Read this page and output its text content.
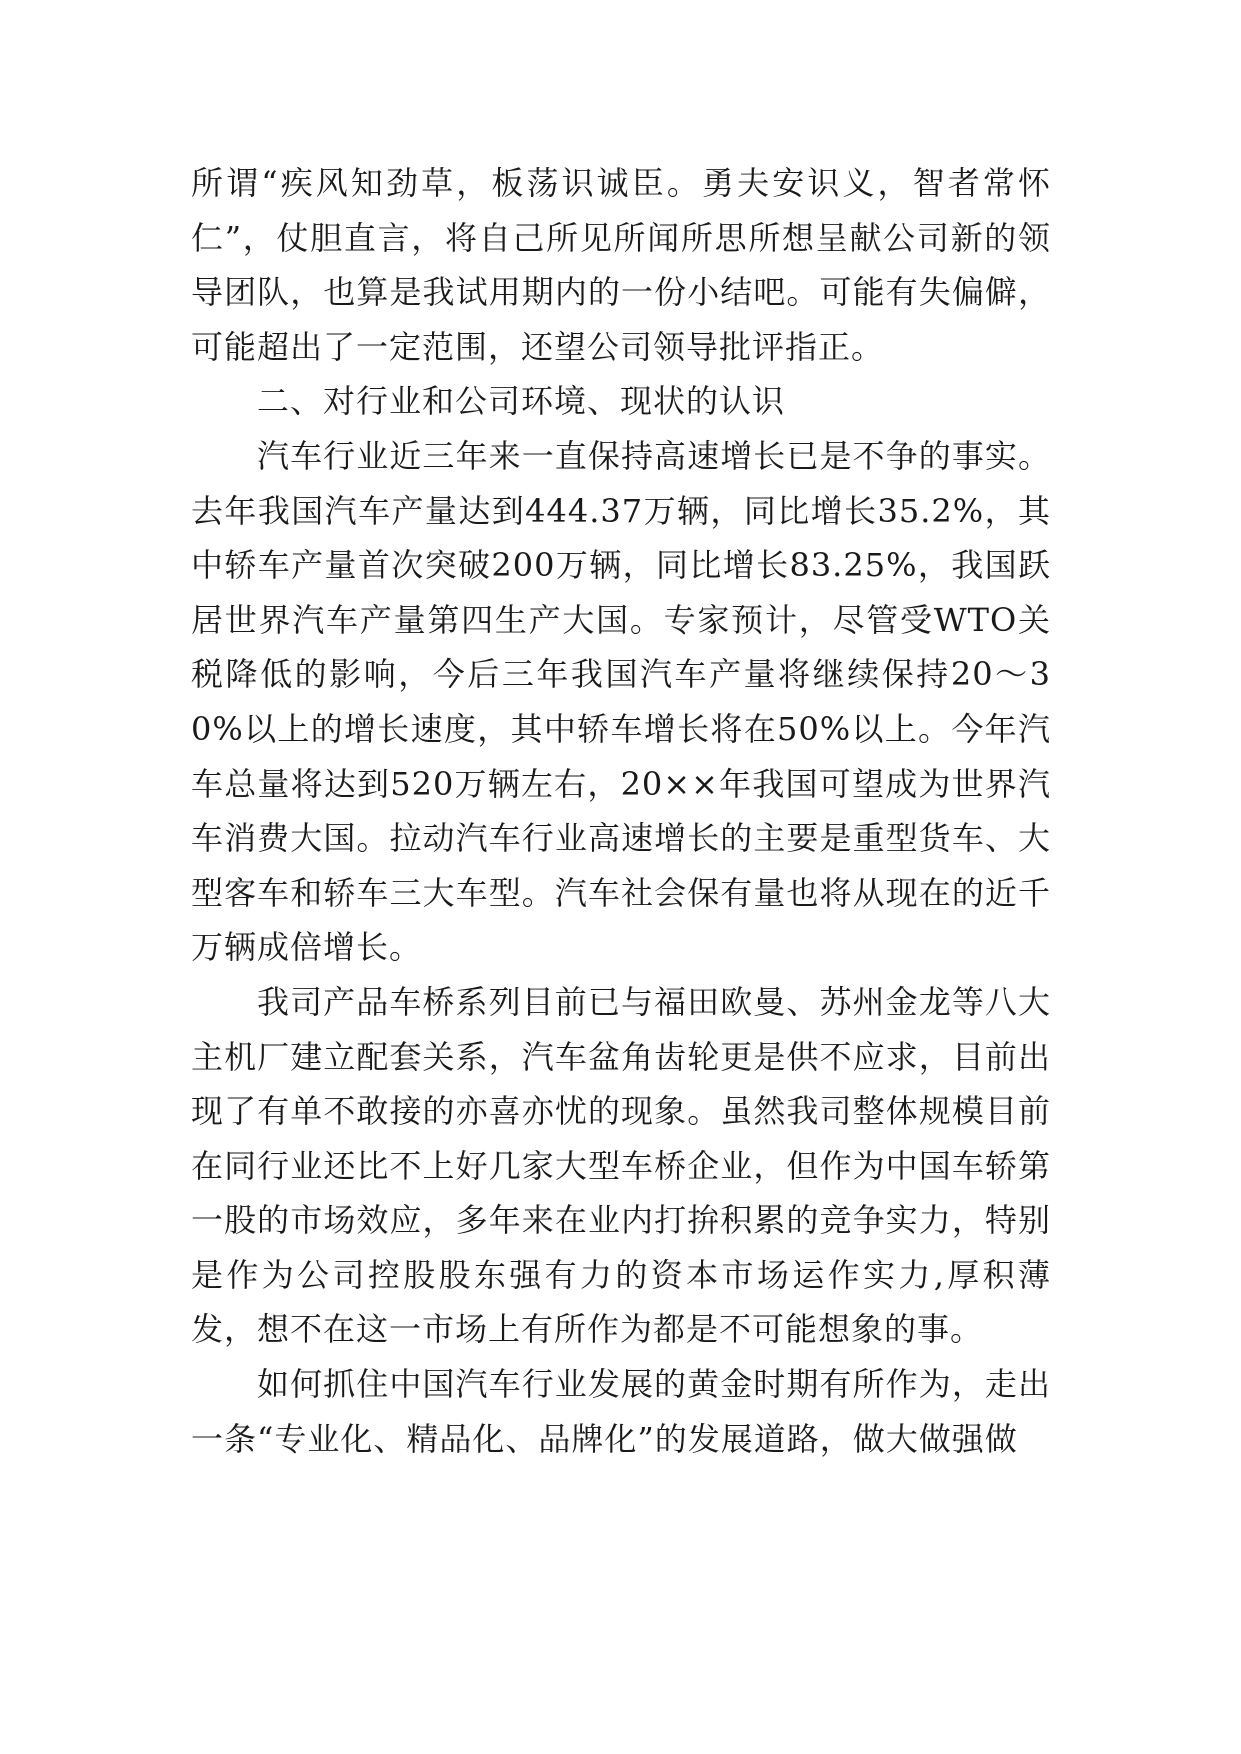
所谓“疾风知劲草，板荡识诚臣。勇夫安识义，智者常怀仁”，仗胆直言，将自己所见所闻所思所想呈献公司新的领导团队，也算是我试用期内的一份小结吧。可能有失偏僻，可能超出了一定范围，还望公司领导批评指正。

二、对行业和公司环境、现状的认识

汽车行业近三年来一直保持高速增长已是不争的事实。去年我国汽车产量达到444.37万辆，同比增长35.2%，其中轿车产量首次突破200万辆，同比增长83.25%，我国跃居世界汽车产量第四生产大国。专家预计，尽管受WTO关税降低的影响，今后三年我国汽车产量将继续保持20～30%以上的增长速度，其中轿车增长将在50%以上。今年汽车总量将达到520万辆左右，20××年我国可望成为世界汽车消费大国。拉动汽车行业高速增长的主要是重型货车、大型客车和轿车三大车型。汽车社会保有量也将从现在的近千万辆成倍增长。

我司产品车桥系列目前已与福田欧曼、苏州金龙等八大主机厂建立配套关系，汽车盆角齿轮更是供不应求，目前出现了有单不敢接的亦喜亦忧的现象。虽然我司整体规模目前在同行业还比不上好几家大型车桥企业，但作为中国车轿第一股的市场效应，多年来在业内打拚积累的竞争实力，特别是作为公司控股股东强有力的资本市场运作实力,厚积薄发，想不在这一市场上有所作为都是不可能想象的事。

如何抓住中国汽车行业发展的黄金时期有所作为，走出一条“专业化、精品化、品牌化”的发展道路，做大做强做
